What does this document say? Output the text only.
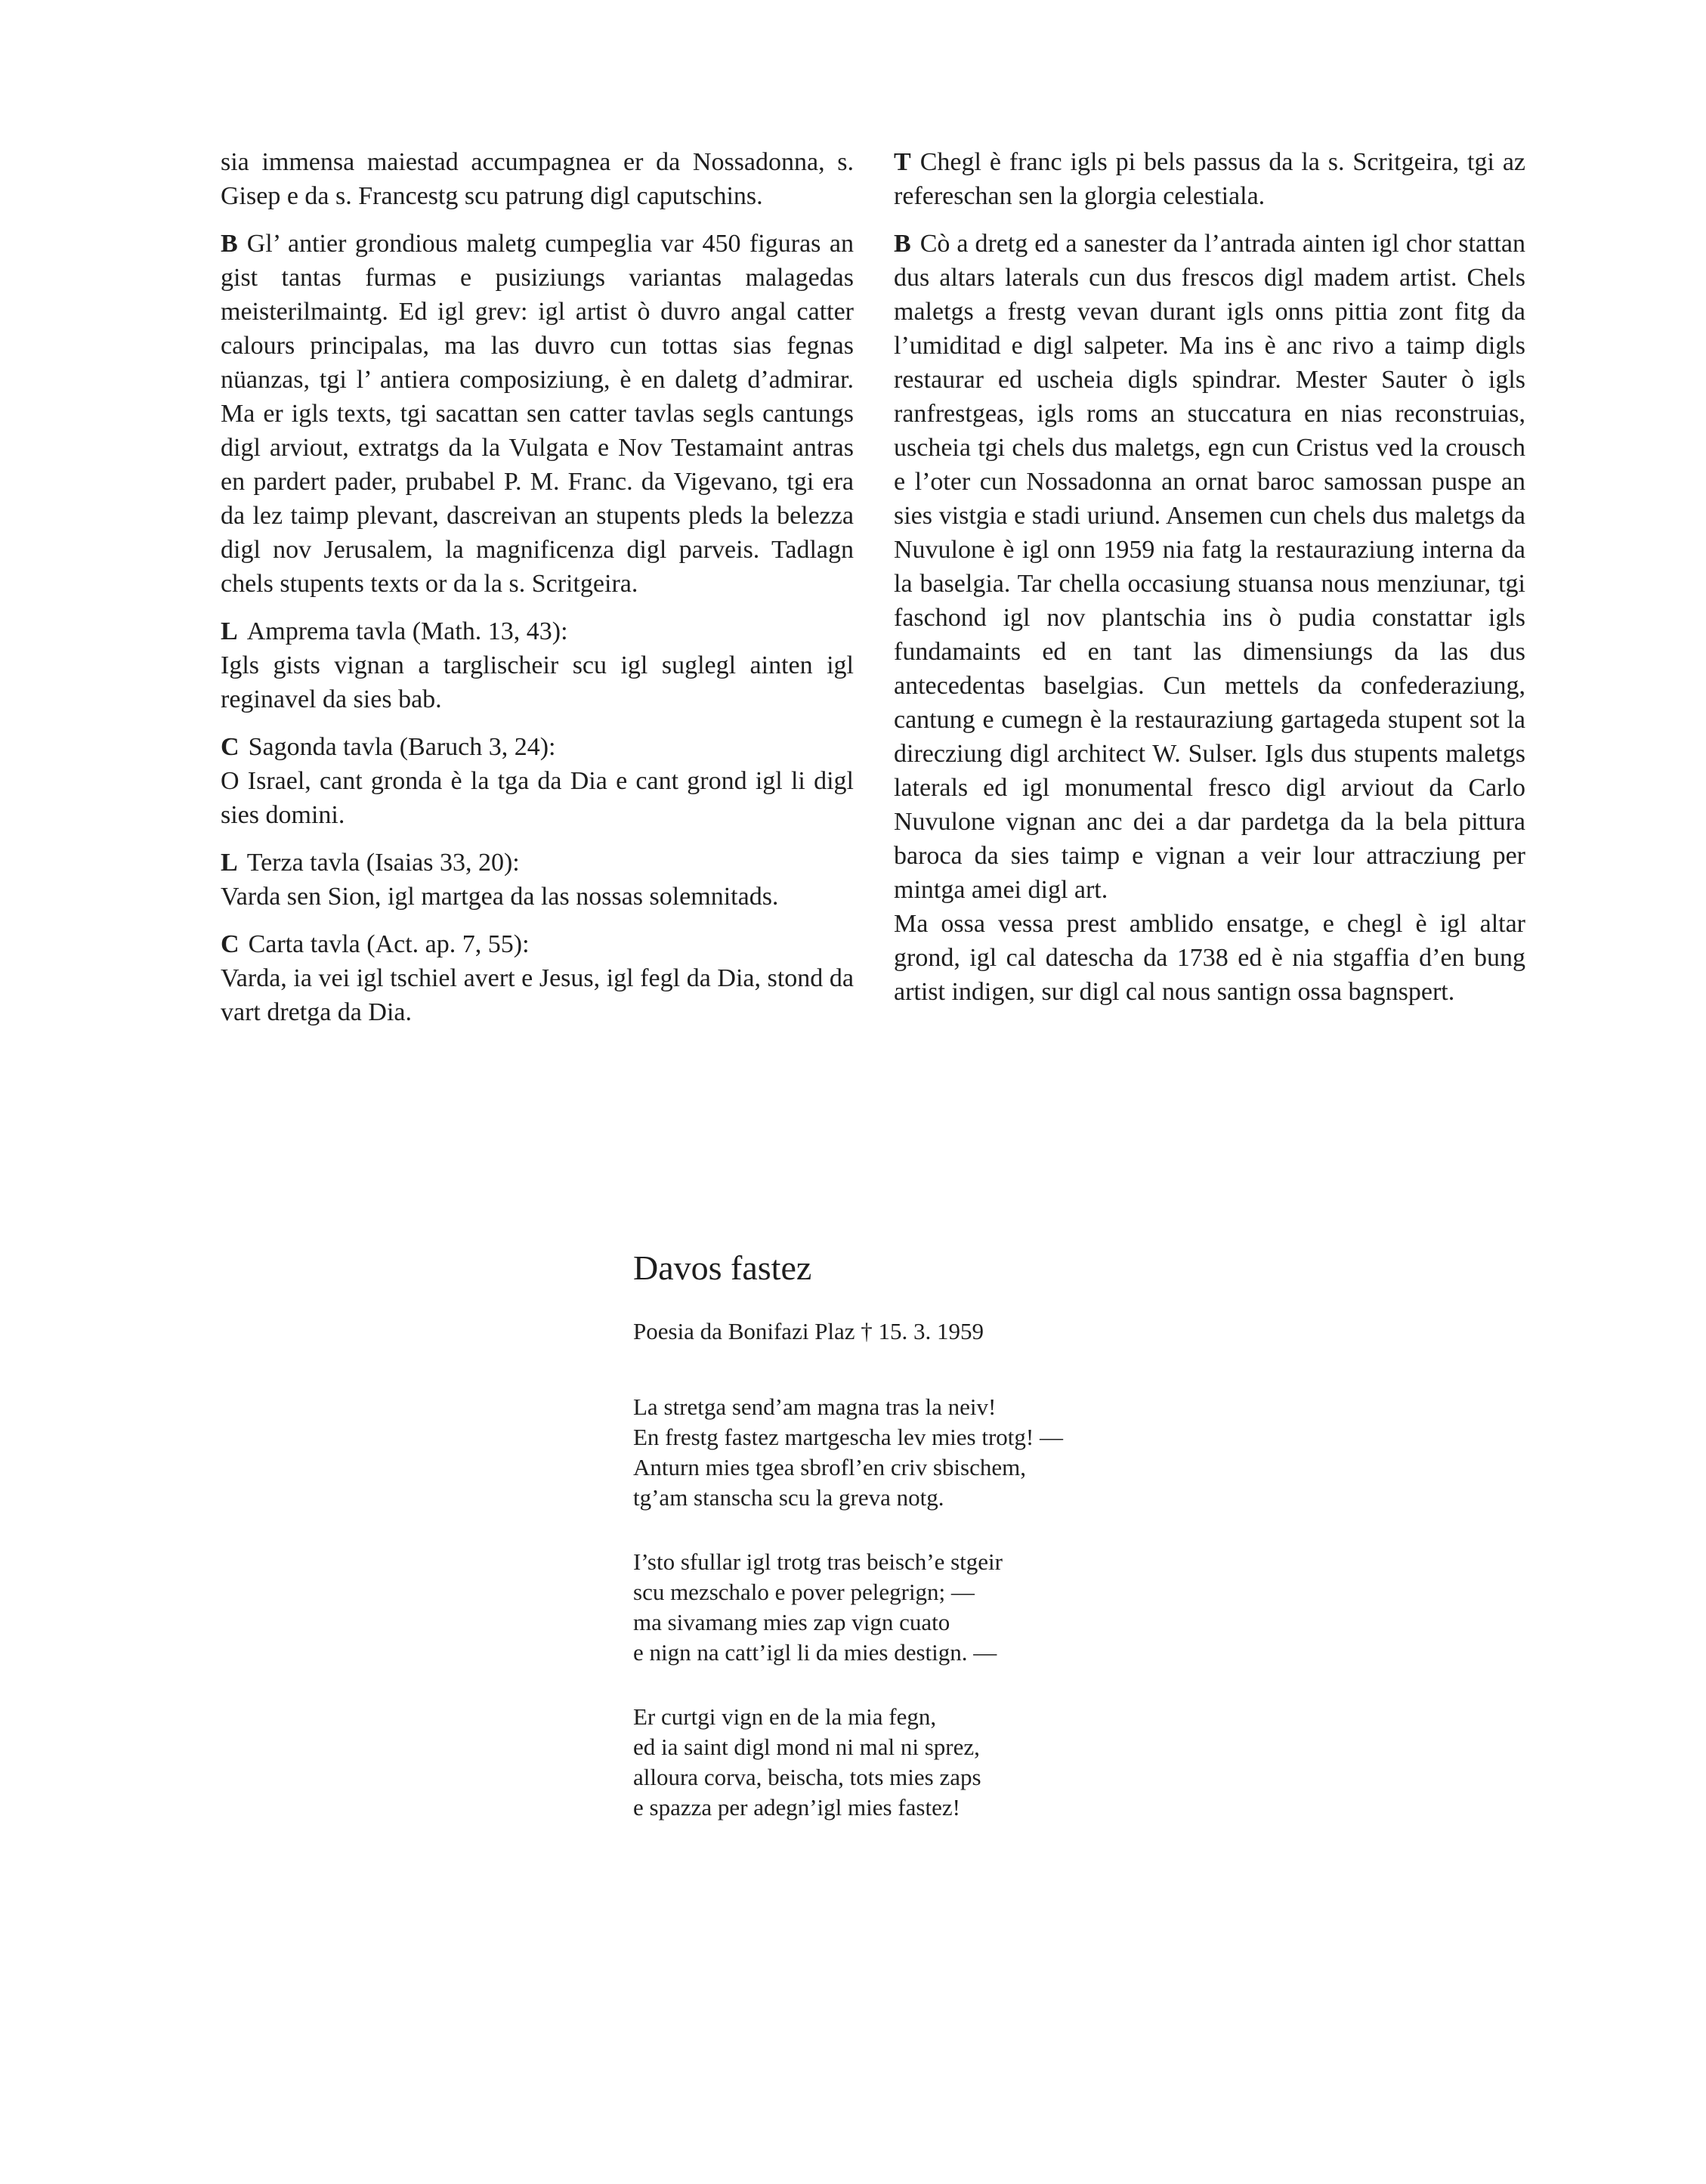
sia immensa maiestad accumpagnea er da Nossadonna, s. Gisep e da s. Francestg scu patrung digl caputschins.

B Gl’ antier grondious maletg cumpeglia var 450 figuras an gist tantas furmas e pusiziungs variantas malagedas meisterilmaintg. Ed igl grev: igl artist ò duvro angal catter calours principalas, ma las duvro cun tottas sias fegnas nüanzas, tgi l’ antiera composiziung, è en daletg d’admirar. Ma er igls texts, tgi sacattan sen catter tavlas segls cantungs digl arviout, extratgs da la Vulgata e Nov Testamaint antras en pardert pader, prubabel P. M. Franc. da Vigevano, tgi era da lez taimp plevant, dascreivan an stupents pleds la belezza digl nov Jerusalem, la magnificenza digl parveis. Tadlagn chels stupents texts or da la s. Scritgeira.

L Amprema tavla (Math. 13, 43):
Igls gists vignan a targlischeir scu igl suglegl ainten igl reginavel da sies bab.

C Sagonda tavla (Baruch 3, 24):
O Israel, cant gronda è la tga da Dia e cant grond igl li digl sies domini.

L Terza tavla (Isaias 33, 20):
Varda sen Sion, igl martgea da las nossas solemnitads.

C Carta tavla (Act. ap. 7, 55):
Varda, ia vei igl tschiel avert e Jesus, igl fegl da Dia, stond da vart dretga da Dia.

T Chegl è franc igls pi bels passus da la s. Scritgeira, tgi az refereschan sen la glorgia celestiala.

B Cò a dretg ed a sanester da l’antrada ainten igl chor stattan dus altars laterals cun dus frescos digl madem artist. Chels maletgs a frestg vevan durant igls onns pittia zont fitg da l’umiditad e digl salpeter. Ma ins è anc rivo a taimp digls restaurar ed uscheia digls spindrar. Mester Sauter ò igls ranfrestgeas, igls roms an stuccatura en nias reconstruias, uscheia tgi chels dus maletgs, egn cun Cristus ved la crousch e l’oter cun Nossadonna an ornat baroc samossan puspe an sies vistgia e stadi uriund. Ansemen cun chels dus maletgs da Nuvulone è igl onn 1959 nia fatg la restauraziung interna da la baselgia. Tar chella occasiung stuansa nous menziunar, tgi faschond igl nov plantschia ins ò pudia constattar igls fundamaints ed en tant las dimensiungs da las dus antecedentas baselgias. Cun mettels da confederaziung, cantung e cumegn è la restauraziung gartageda stupent sot la direcziung digl architect W. Sulser. Igls dus stupents maletgs laterals ed igl monumental fresco digl arviout da Carlo Nuvulone vignan anc dei a dar pardetga da la bela pittura baroca da sies taimp e vignan a veir lour attracziung per mintga amei digl art.

Ma ossa vessa prest amblido ensatge, e chegl è igl altar grond, igl cal datescha da 1738 ed è nia stgaffia d’en bung artist indigen, sur digl cal nous santign ossa bagnspert.

Davos fastez
Poesia da Bonifazi Plaz † 15. 3. 1959
La stretga send’am magna tras la neiv!
En frestg fastez martgescha lev mies trotg! —
Anturn mies tgea sbrofl’en criv sbischem,
tg’am stanscha scu la greva notg.
I’sto sfullar igl trotg tras beisch’e stgeir
scu mezschalo e pover pelegrign; —
ma sivamang mies zap vign cuato
e nign na catt’igl li da mies destign. —
Er curtgi vign en de la mia fegn,
ed ia saint digl mond ni mal ni sprez,
alloura corva, beischa, tots mies zaps
e spazza per adegn’igl mies fastez!
